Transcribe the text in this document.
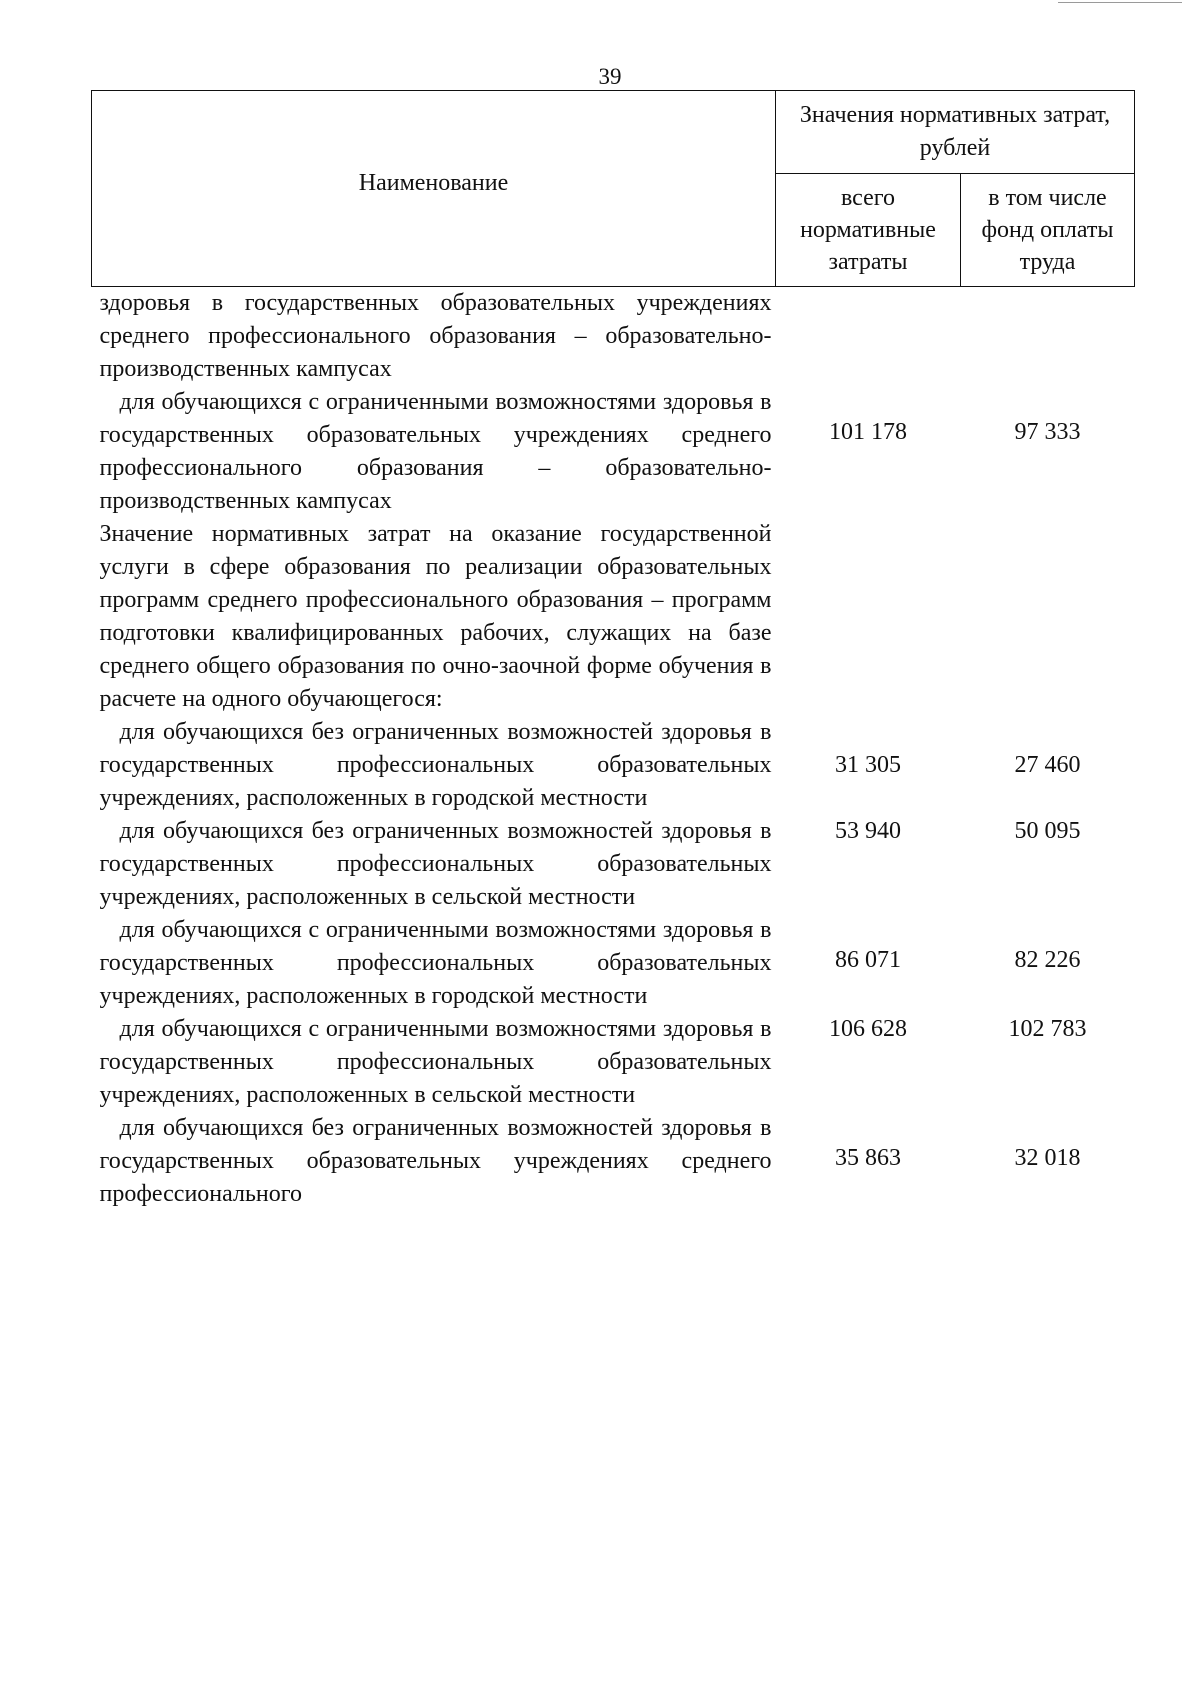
39
Наименование	Значения нормативных затрат, рублей	
	всего нормативные затраты	в том числе фонд оплаты труда
здоровья в государственных образовательных учреждениях среднего профессионального образования – образовательно-производственных кампусах		
для обучающихся с ограниченными возможностями здоровья в государственных образовательных учреждениях среднего профессионального образования – образовательно-производственных кампусах	101 178	97 333
Значение нормативных затрат на оказание государственной услуги в сфере образования по реализации образовательных программ среднего профессионального образования – программ подготовки квалифицированных рабочих, служащих на базе среднего общего образования по очно-заочной форме обучения в расчете на одного обучающегося:		
для обучающихся без ограниченных возможностей здоровья в государственных профессиональных образовательных учреждениях, расположенных в городской местности	31 305	27 460
для обучающихся без ограниченных возможностей здоровья в государственных профессиональных образовательных учреждениях, расположенных в сельской местности	53 940	50 095
для обучающихся с ограниченными возможностями здоровья в государственных профессиональных образовательных учреждениях, расположенных в городской местности	86 071	82 226
для обучающихся с ограниченными возможностями здоровья в государственных профессиональных образовательных учреждениях, расположенных в сельской местности	106 628	102 783
для обучающихся без ограниченных возможностей здоровья в государственных образовательных учреждениях среднего профессионального	35 863	32 018
